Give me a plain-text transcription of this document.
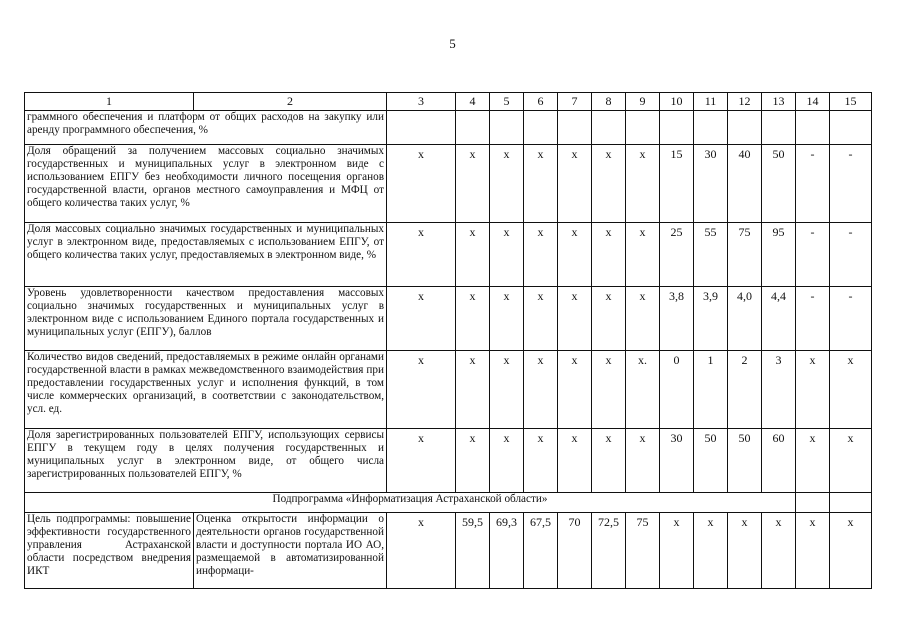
5
1	2	3	4	5	6	7	8	9	10	11	12	13	14	15
граммного обеспечения и платформ от общих расходов на закупку или аренду программного обеспечения, %														
Доля обращений за получением массовых социально значимых государственных и муниципальных услуг в электронном виде с использованием ЕПГУ без необходимости личного посещения органов государственной власти, органов местного самоуправления и МФЦ от общего количества таких услуг, %		x	x	x	x	x	x	x	15	30	40	50	-	-
Доля массовых социально значимых государственных и муниципальных услуг в электронном виде, предоставляемых с использованием ЕПГУ, от общего количества таких услуг, предоставляемых в электронном виде, %		x	x	x	x	x	x	x	25	55	75	95	-	-
Уровень удовлетворенности качеством предоставления массовых социально значимых государственных и муниципальных услуг в электронном виде с использованием Единого портала государственных и муниципальных услуг (ЕПГУ), баллов		x	x	x	x	x	x	x	3,8	3,9	4,0	4,4	-	-
Количество видов сведений, предоставляемых в режиме онлайн органами государственной власти в рамках межведомственного взаимодействия при предоставлении государственных услуг и исполнения функций, в том числе коммерческих организаций, в соответствии с законодательством, усл. ед.		x	x	x	x	x	x	x.	0	1	2	3	x	x
Доля зарегистрированных пользователей ЕПГУ, использующих сервисы ЕПГУ в текущем году в целях получения государственных и муниципальных услуг в электронном виде, от общего числа зарегистрированных пользователей ЕПГУ, %		x	x	x	x	x	x	x	30	50	50	60	x	x
Подпрограмма «Информатизация Астраханской области»														
Цель подпрограммы: повышение эффективности государственного управления Астраханской области посредством внедрения ИКТ	Оценка открытости информации о деятельности органов государственной власти и доступности портала ИО АО, размещаемой в автоматизированной информаци-	x	59,5	69,3	67,5	70	72,5	75	x	x	x	x	x	x
